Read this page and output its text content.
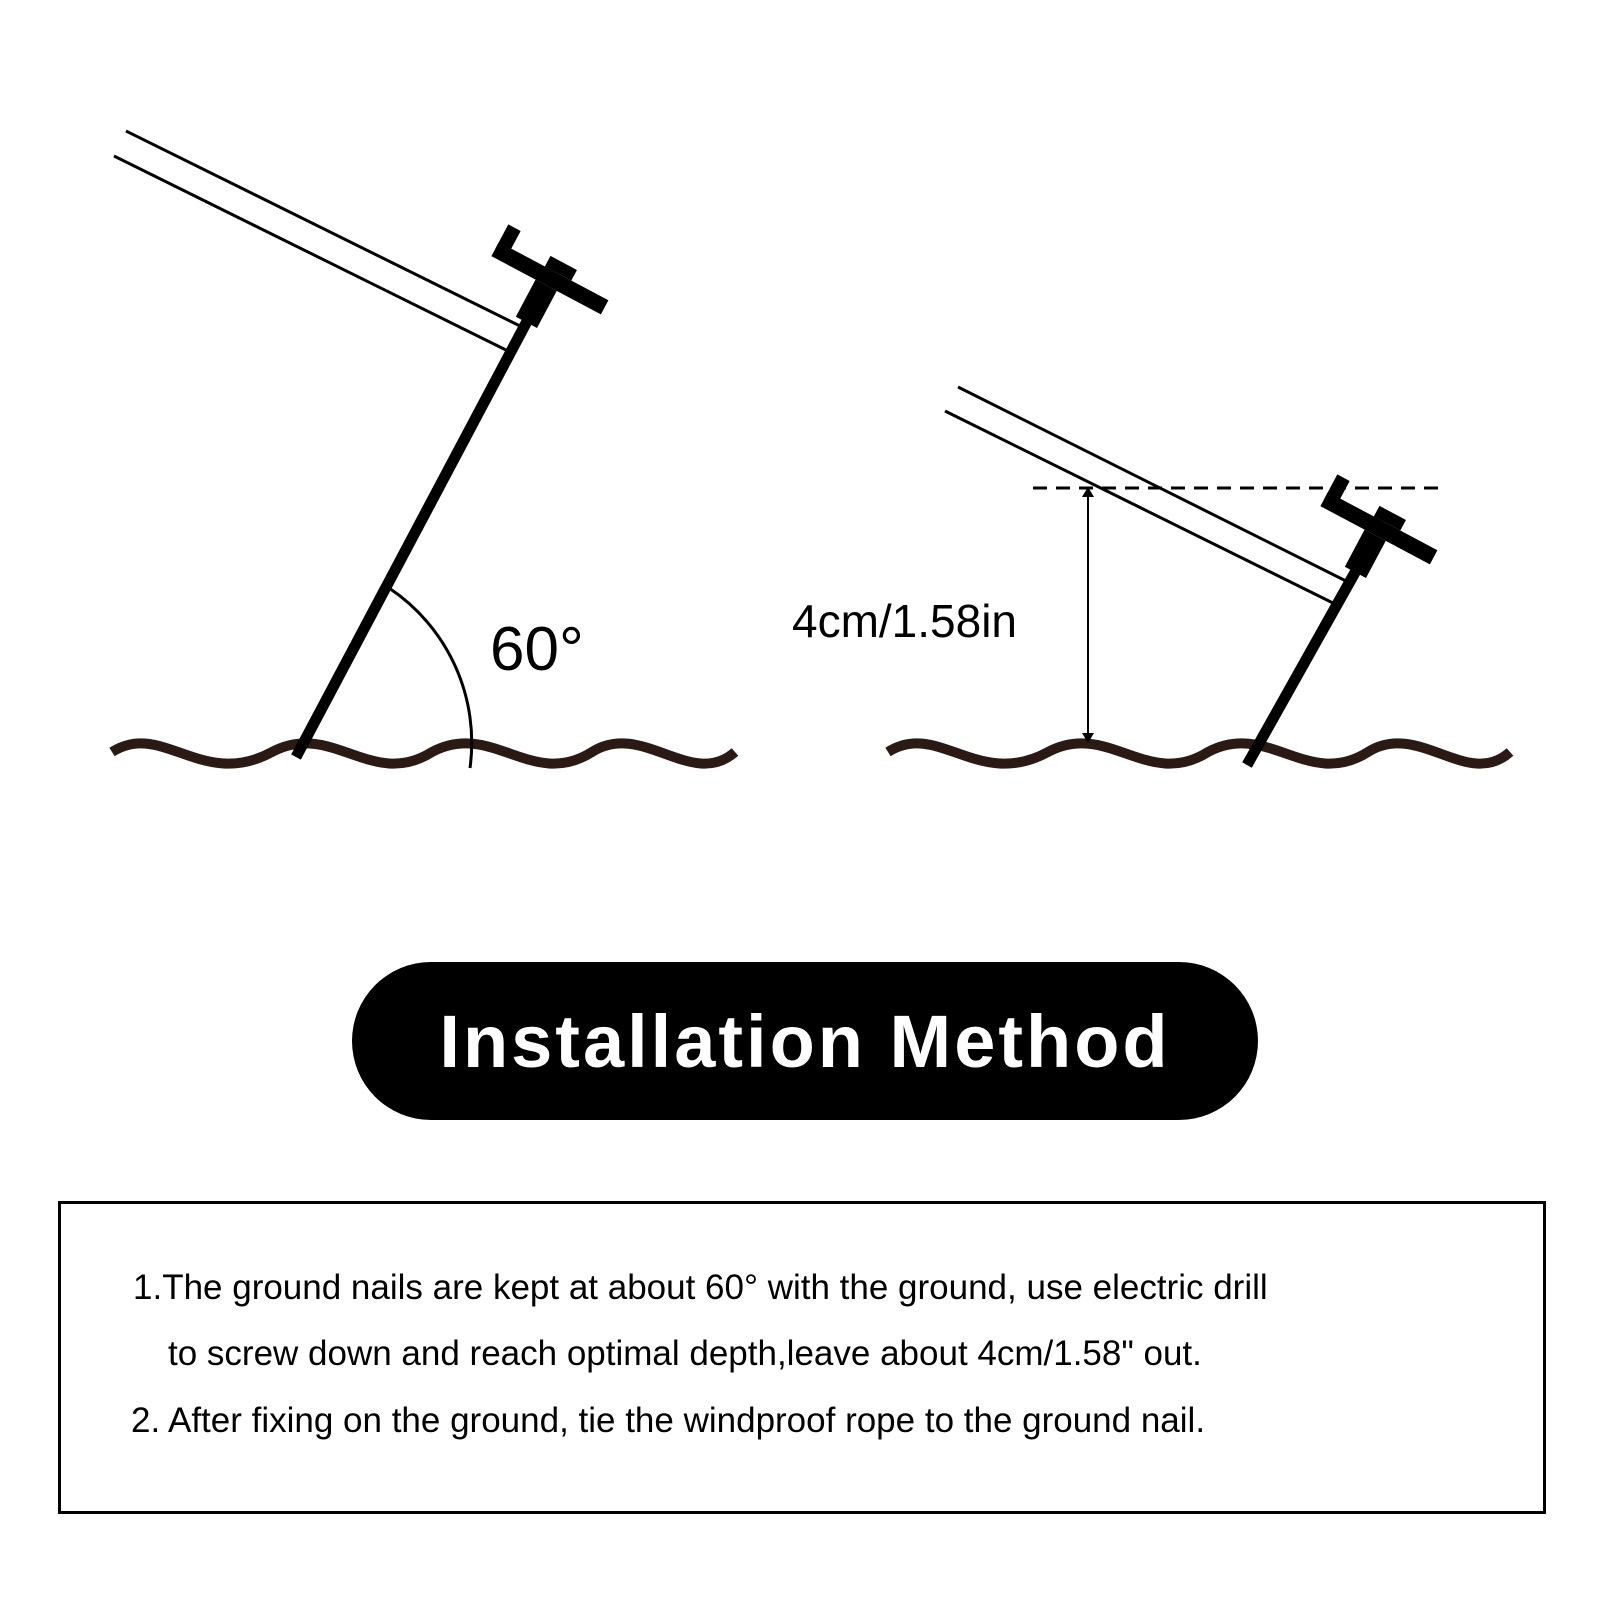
60°	4cm/1.58in
Installation Method
1.The ground nails are kept at about 60° with the ground, use electric drill
to screw down and reach optimal depth,leave about 4cm/1.58" out.
2. After fixing on the ground, tie the windproof rope to the ground nail.
